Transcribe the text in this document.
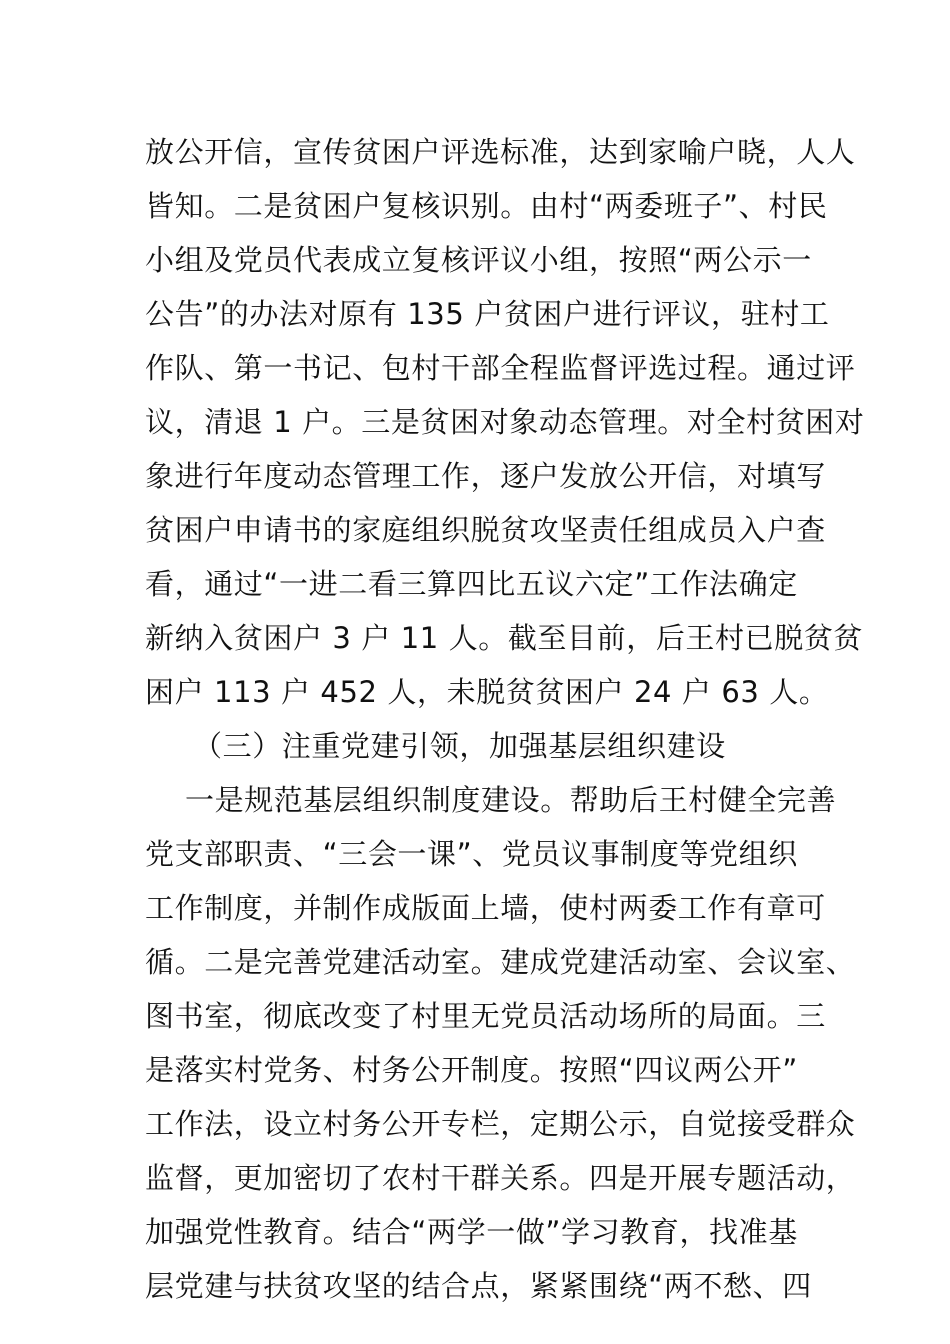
放公开信，宣传贫困户评选标准，达到家喻户晓，人人
皆知。二是贫困户复核识别。由村“两委班子”、村民
小组及党员代表成立复核评议小组，按照“两公示一
公告”的办法对原有 135 户贫困户进行评议，驻村工
作队、第一书记、包村干部全程监督评选过程。通过评
议，清退 1 户。三是贫困对象动态管理。对全村贫困对
象进行年度动态管理工作，逐户发放公开信，对填写
贫困户申请书的家庭组织脱贫攻坚责任组成员入户查
看，通过“一进二看三算四比五议六定”工作法确定
新纳入贫困户 3 户 11 人。截至目前，后王村已脱贫贫
困户 113 户 452 人，未脱贫贫困户 24 户 63 人。
（三）注重党建引领，加强基层组织建设
一是规范基层组织制度建设。帮助后王村健全完善
党支部职责、“三会一课”、党员议事制度等党组织
工作制度，并制作成版面上墙，使村两委工作有章可
循。二是完善党建活动室。建成党建活动室、会议室、
图书室，彻底改变了村里无党员活动场所的局面。三
是落实村党务、村务公开制度。按照“四议两公开”
工作法，设立村务公开专栏，定期公示，自觉接受群众
监督，更加密切了农村干群关系。四是开展专题活动，
加强党性教育。结合“两学一做”学习教育，找准基
层党建与扶贫攻坚的结合点，紧紧围绕“两不愁、四
